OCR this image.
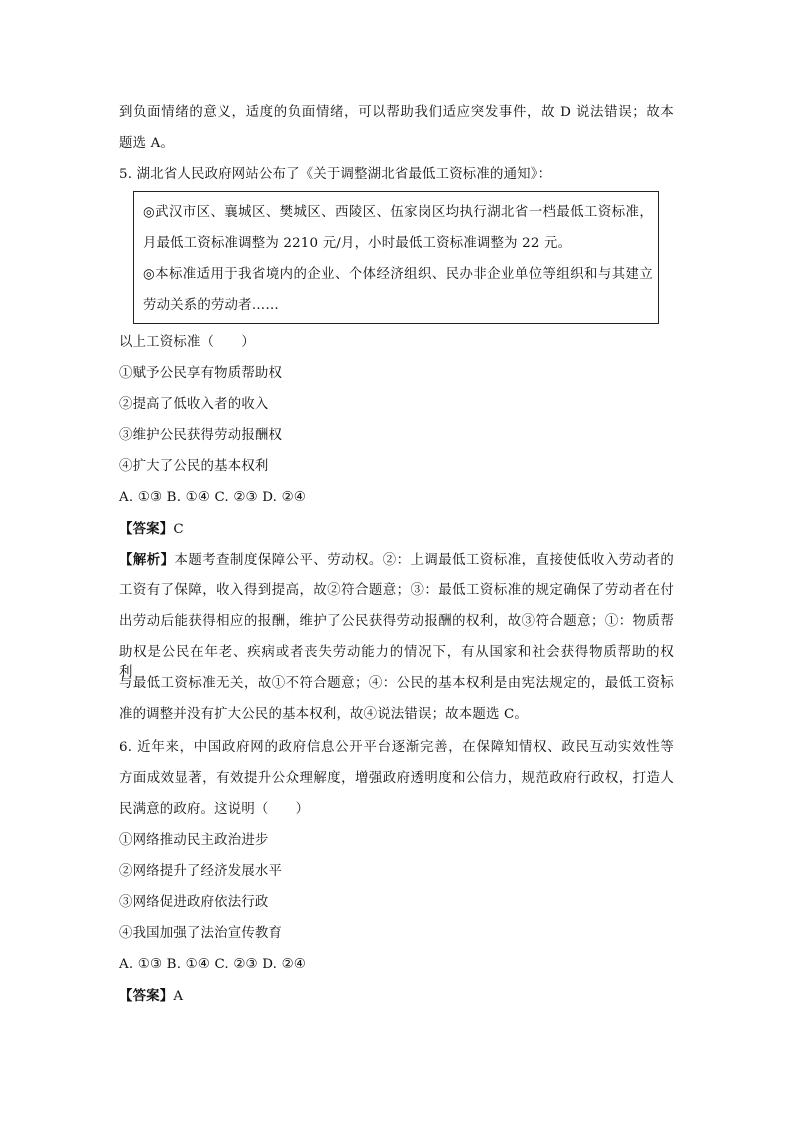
到负面情绪的意义，适度的负面情绪，可以帮助我们适应突发事件，故 D 说法错误；故本
题选 A。
5. 湖北省人民政府网站公布了《关于调整湖北省最低工资标准的通知》：
◎武汉市区、襄城区、樊城区、西陵区、伍家岗区均执行湖北省一档最低工资标准，
月最低工资标准调整为 2210 元/月，小时最低工资标准调整为 22 元。
◎本标准适用于我省境内的企业、个体经济组织、民办非企业单位等组织和与其建立
劳动关系的劳动者……
以上工资标准（　　）
①赋予公民享有物质帮助权
②提高了低收入者的收入
③维护公民获得劳动报酬权
④扩大了公民的基本权利
A. ①③ B. ①④ C. ②③ D. ②④
【答案】C
【解析】本题考查制度保障公平、劳动权。②：上调最低工资标准，直接使低收入劳动者的
工资有了保障，收入得到提高，故②符合题意；③：最低工资标准的规定确保了劳动者在付
出劳动后能获得相应的报酬，维护了公民获得劳动报酬的权利，故③符合题意；①：物质帮
助权是公民在年老、疾病或者丧失劳动能力的情况下，有从国家和社会获得物质帮助的权利，
与最低工资标准无关，故①不符合题意；④：公民的基本权利是由宪法规定的，最低工资标
准的调整并没有扩大公民的基本权利，故④说法错误；故本题选 C。
6. 近年来，中国政府网的政府信息公开平台逐渐完善，在保障知情权、政民互动实效性等
方面成效显著，有效提升公众理解度，增强政府透明度和公信力，规范政府行政权，打造人
民满意的政府。这说明（　　）
①网络推动民主政治进步
②网络提升了经济发展水平
③网络促进政府依法行政
④我国加强了法治宣传教育
A. ①③ B. ①④ C. ②③ D. ②④
【答案】A
